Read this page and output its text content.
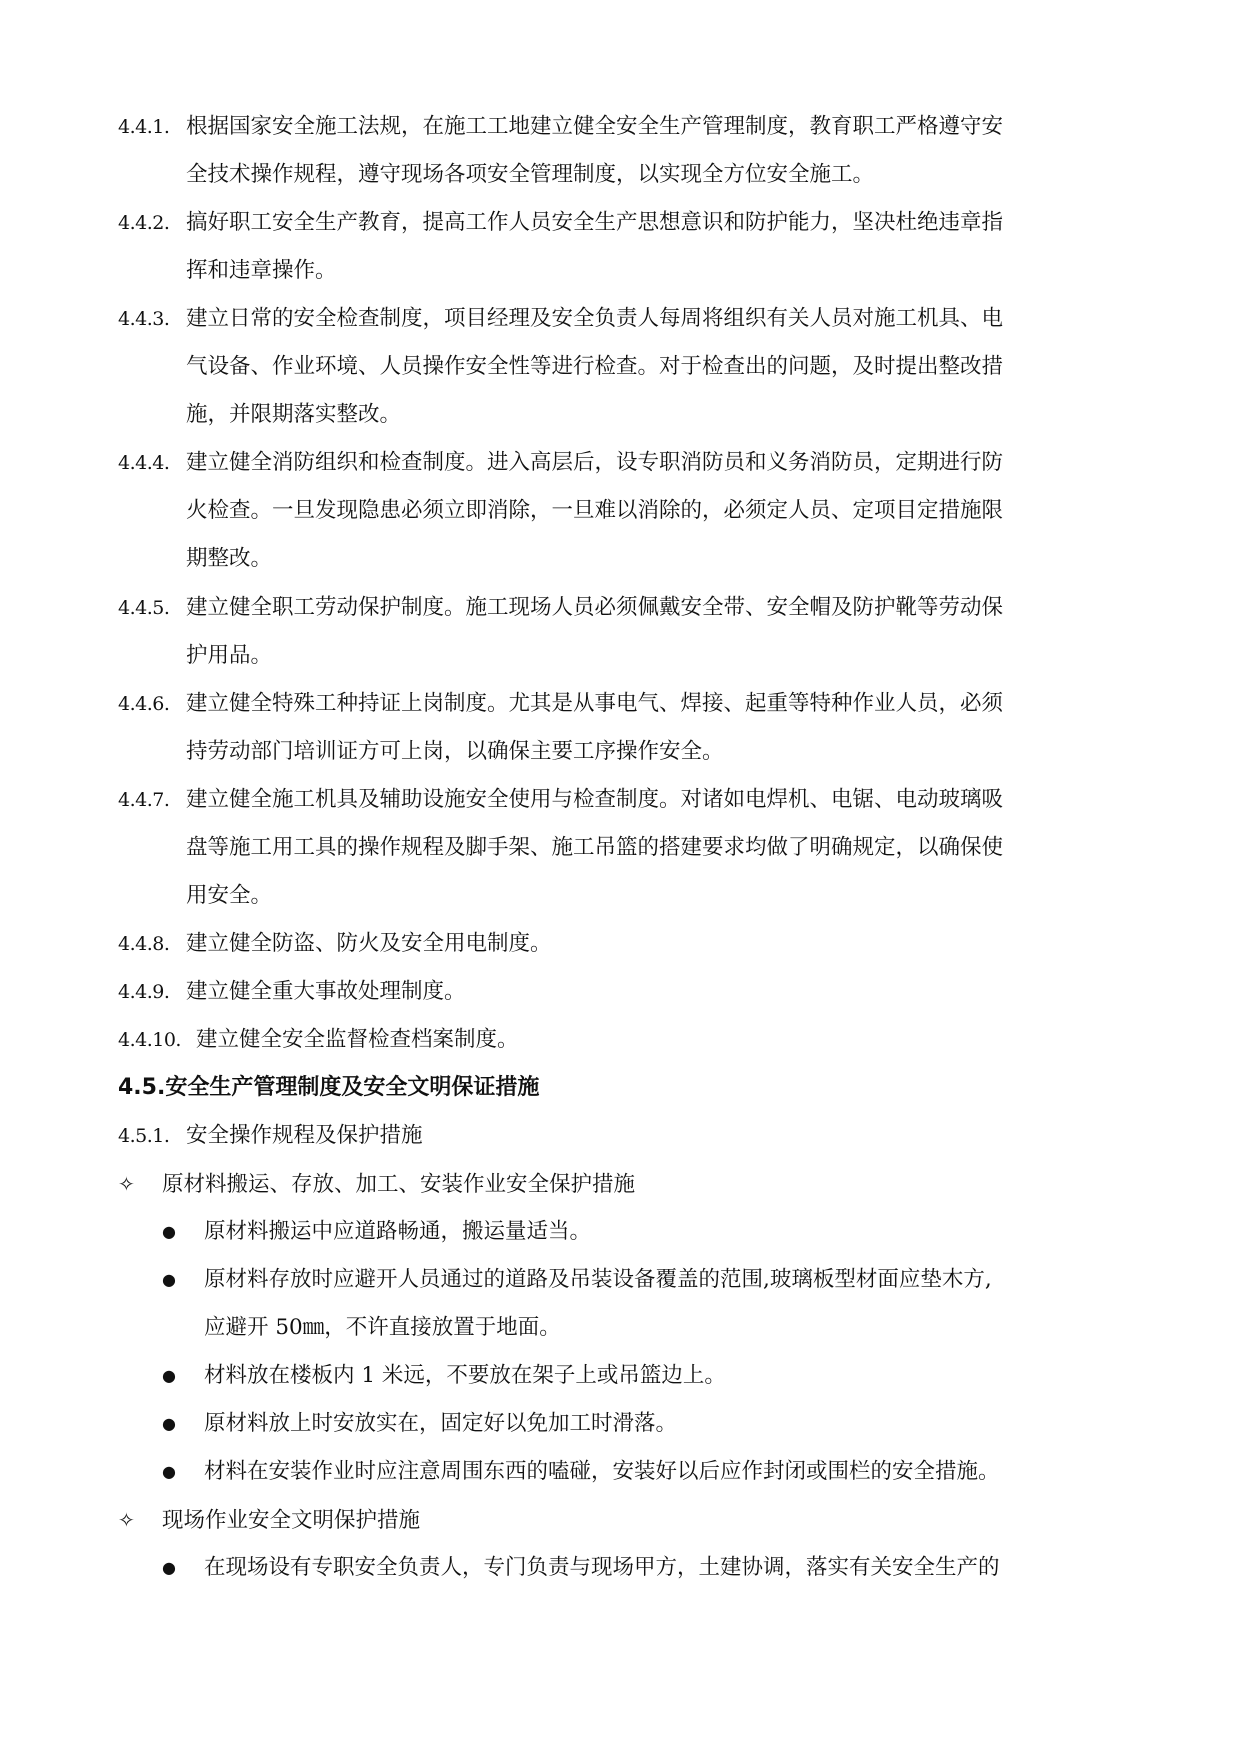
4.4.1. 根据国家安全施工法规，在施工工地建立健全安全生产管理制度，教育职工严格遵守安
全技术操作规程，遵守现场各项安全管理制度，以实现全方位安全施工。
4.4.2. 搞好职工安全生产教育，提高工作人员安全生产思想意识和防护能力，坚决杜绝违章指
挥和违章操作。
4.4.3. 建立日常的安全检查制度，项目经理及安全负责人每周将组织有关人员对施工机具、电
气设备、作业环境、人员操作安全性等进行检查。对于检查出的问题，及时提出整改措
施，并限期落实整改。
4.4.4. 建立健全消防组织和检查制度。进入高层后，设专职消防员和义务消防员，定期进行防
火检查。一旦发现隐患必须立即消除，一旦难以消除的，必须定人员、定项目定措施限
期整改。
4.4.5. 建立健全职工劳动保护制度。施工现场人员必须佩戴安全带、安全帽及防护靴等劳动保
护用品。
4.4.6. 建立健全特殊工种持证上岗制度。尤其是从事电气、焊接、起重等特种作业人员，必须
持劳动部门培训证方可上岗，以确保主要工序操作安全。
4.4.7. 建立健全施工机具及辅助设施安全使用与检查制度。对诸如电焊机、电锯、电动玻璃吸
盘等施工用工具的操作规程及脚手架、施工吊篮的搭建要求均做了明确规定，以确保使
用安全。
4.4.8. 建立健全防盗、防火及安全用电制度。
4.4.9. 建立健全重大事故处理制度。
4.4.10. 建立健全安全监督检查档案制度。
4.5.安全生产管理制度及安全文明保证措施
4.5.1. 安全操作规程及保护措施
✧ 原材料搬运、存放、加工、安装作业安全保护措施
● 原材料搬运中应道路畅通，搬运量适当。
● 原材料存放时应避开人员通过的道路及吊装设备覆盖的范围,玻璃板型材面应垫木方,
应避开 50㎜，不许直接放置于地面。
● 材料放在楼板内 1 米远，不要放在架子上或吊篮边上。
● 原材料放上时安放实在，固定好以免加工时滑落。
● 材料在安装作业时应注意周围东西的嗑碰，安装好以后应作封闭或围栏的安全措施。
✧ 现场作业安全文明保护措施
● 在现场设有专职安全负责人，专门负责与现场甲方，土建协调，落实有关安全生产的
